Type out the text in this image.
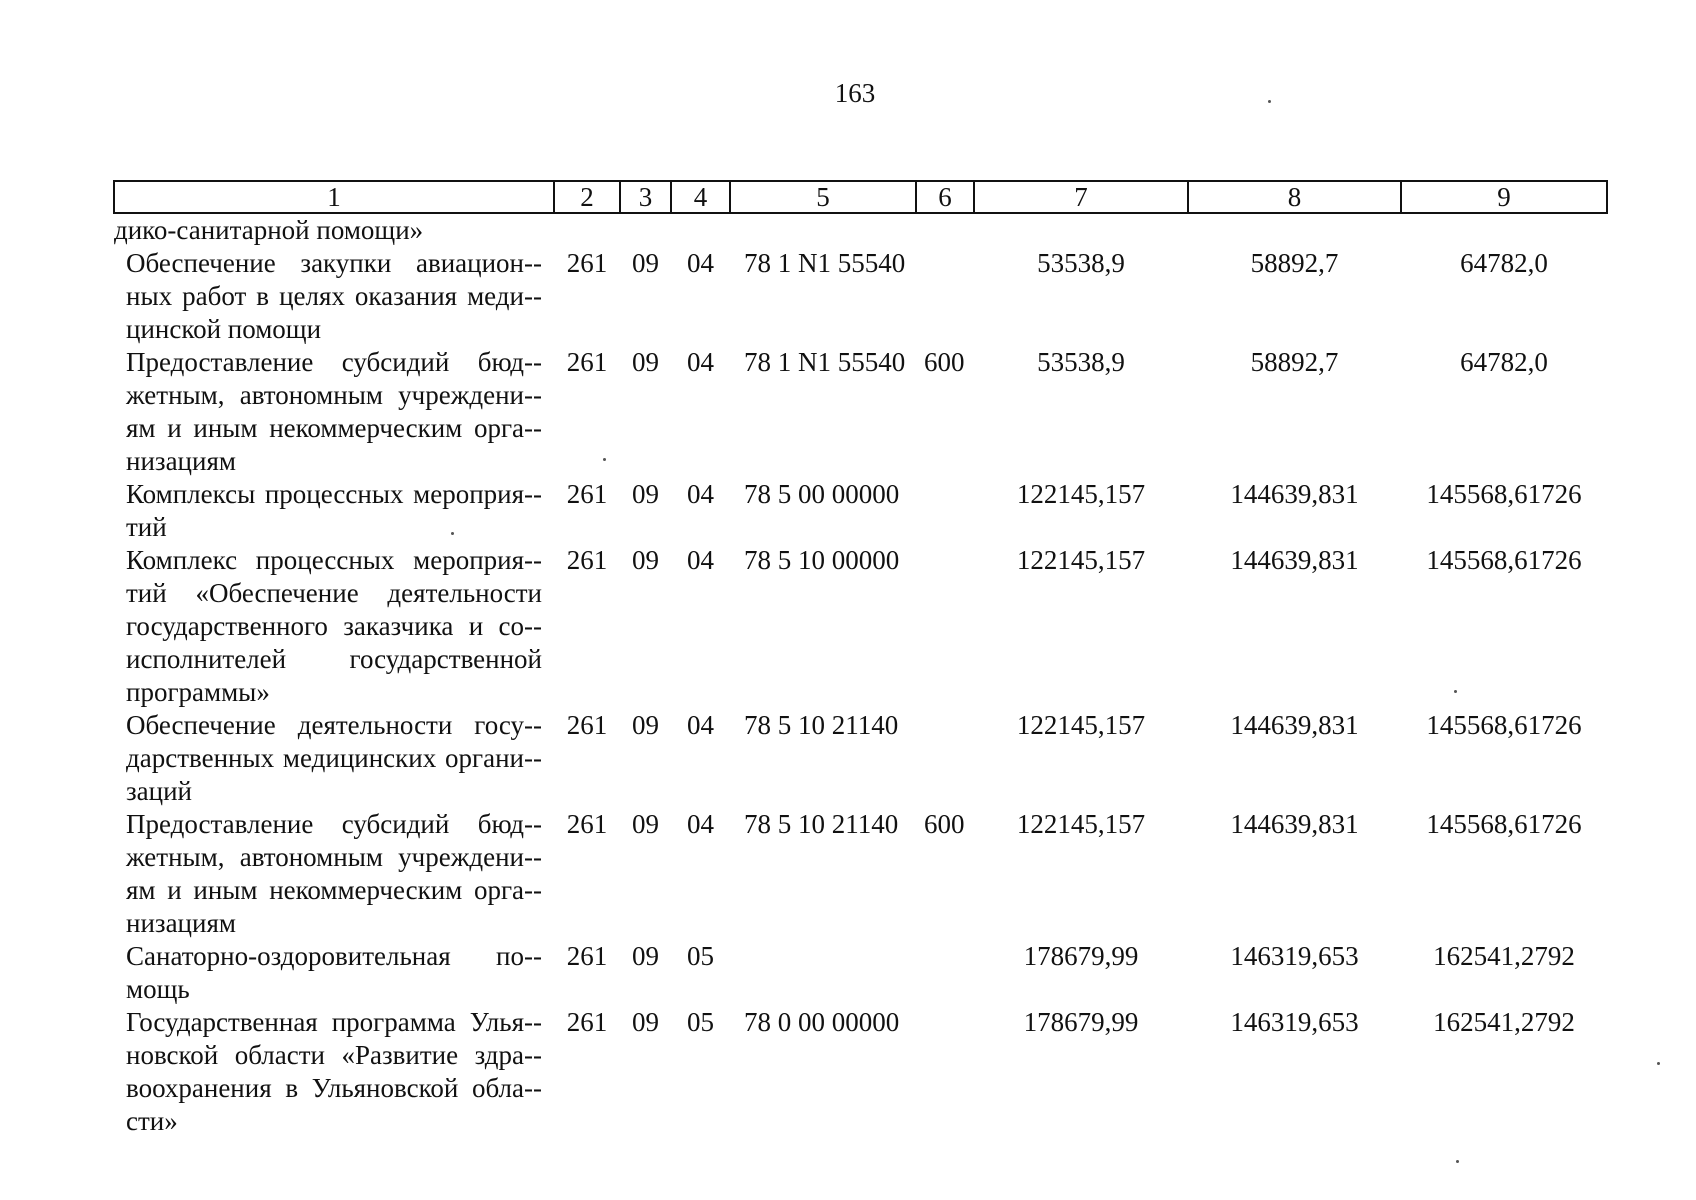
163
1	2	3	4	5	6	7	8	9
дико-санитарной помощи»								
Обеспечение закупки авиацион-ных работ в целях оказания меди-цинской помощи	261	09	04	78 1 N1 55540		53538,9	58892,7	64782,0
Предоставление субсидий бюд-жетным, автономным учреждени-ям и иным некоммерческим орга-низациям	261	09	04	78 1 N1 55540	600	53538,9	58892,7	64782,0
Комплексы процессных мероприя-тий	261	09	04	78 5 00 00000		122145,157	144639,831	145568,61726
Комплекс процессных мероприя-тий «Обеспечение деятельности государственного заказчика и со-исполнителей государственной программы»	261	09	04	78 5 10 00000		122145,157	144639,831	145568,61726
Обеспечение деятельности госу-дарственных медицинских органи-заций	261	09	04	78 5 10 21140		122145,157	144639,831	145568,61726
Предоставление субсидий бюд-жетным, автономным учреждени-ям и иным некоммерческим орга-низациям	261	09	04	78 5 10 21140	600	122145,157	144639,831	145568,61726
Санаторно-оздоровительная по-мощь	261	09	05			178679,99	146319,653	162541,2792
Государственная программа Улья-новской области «Развитие здра-воохранения в Ульяновской обла-сти»	261	09	05	78 0 00 00000		178679,99	146319,653	162541,2792
